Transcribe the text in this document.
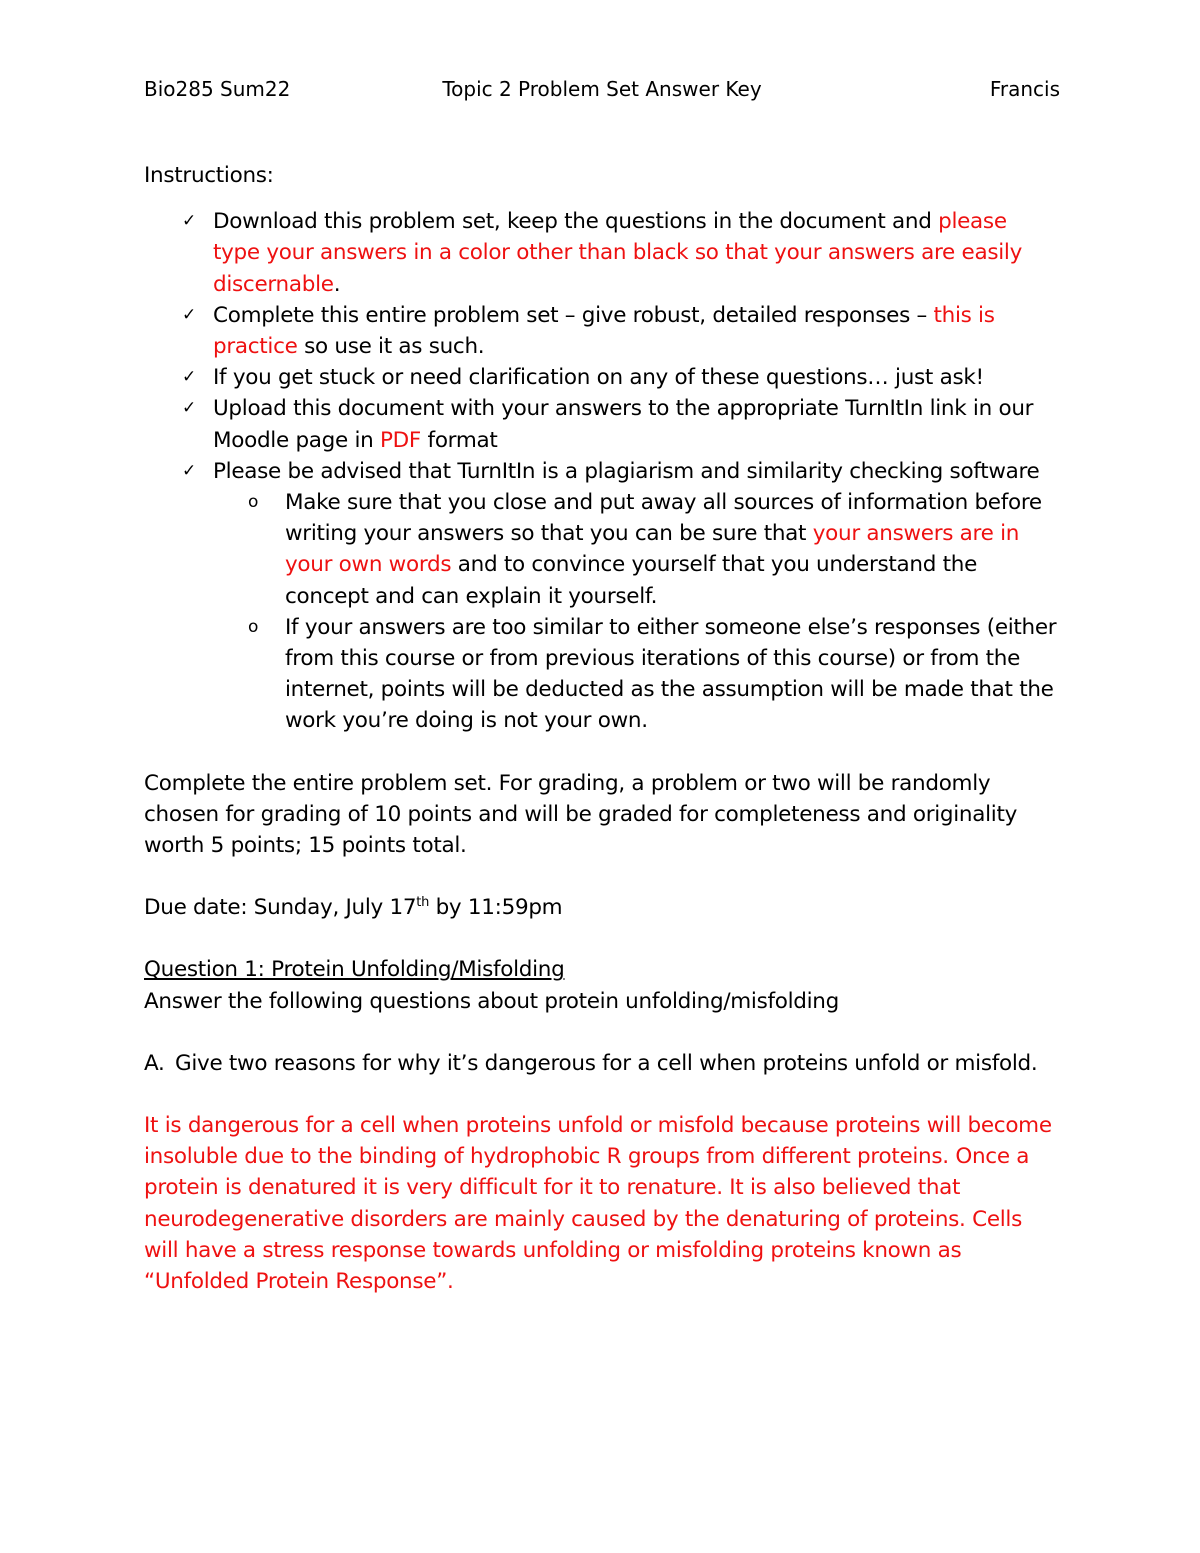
Bio285 Sum22	Topic 2 Problem Set Answer Key	Francis

Instructions:

✓ Download this problem set, keep the questions in the document and please type your answers in a color other than black so that your answers are easily discernable.
✓ Complete this entire problem set – give robust, detailed responses – this is practice so use it as such.
✓ If you get stuck or need clarification on any of these questions… just ask!
✓ Upload this document with your answers to the appropriate TurnItIn link in our Moodle page in PDF format
✓ Please be advised that TurnItIn is a plagiarism and similarity checking software
o Make sure that you close and put away all sources of information before writing your answers so that you can be sure that your answers are in your own words and to convince yourself that you understand the concept and can explain it yourself.
o If your answers are too similar to either someone else’s responses (either from this course or from previous iterations of this course) or from the internet, points will be deducted as the assumption will be made that the work you’re doing is not your own.

Complete the entire problem set. For grading, a problem or two will be randomly chosen for grading of 10 points and will be graded for completeness and originality worth 5 points; 15 points total.

Due date: Sunday, July 17th by 11:59pm

Question 1: Protein Unfolding/Misfolding

Answer the following questions about protein unfolding/misfolding

A. Give two reasons for why it’s dangerous for a cell when proteins unfold or misfold.

It is dangerous for a cell when proteins unfold or misfold because proteins will become insoluble due to the binding of hydrophobic R groups from different proteins. Once a protein is denatured it is very difficult for it to renature. It is also believed that neurodegenerative disorders are mainly caused by the denaturing of proteins. Cells will have a stress response towards unfolding or misfolding proteins known as “Unfolded Protein Response”.
